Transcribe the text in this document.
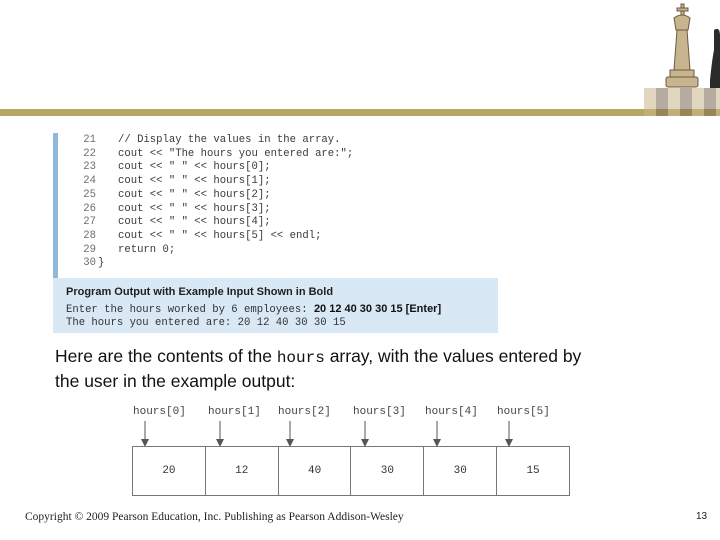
21 // Display the values in the array.
22 cout << "The hours you entered are:";
23 cout << " " << hours[0];
24 cout << " " << hours[1];
25 cout << " " << hours[2];
26 cout << " " << hours[3];
27 cout << " " << hours[4];
28 cout << " " << hours[5] << endl;
29 return 0;
30 }
Program Output with Example Input Shown in Bold
Enter the hours worked by 6 employees: 20 12 40 30 30 15 [Enter]
The hours you entered are: 20 12 40 30 30 15
Here are the contents of the hours array, with the values entered by the user in the example output:
hours[0] hours[1] hours[2] hours[3] hours[4] hours[5]
20	12	40	30	30	15
Copyright © 2009 Pearson Education, Inc. Publishing as Pearson Addison-Wesley	13
